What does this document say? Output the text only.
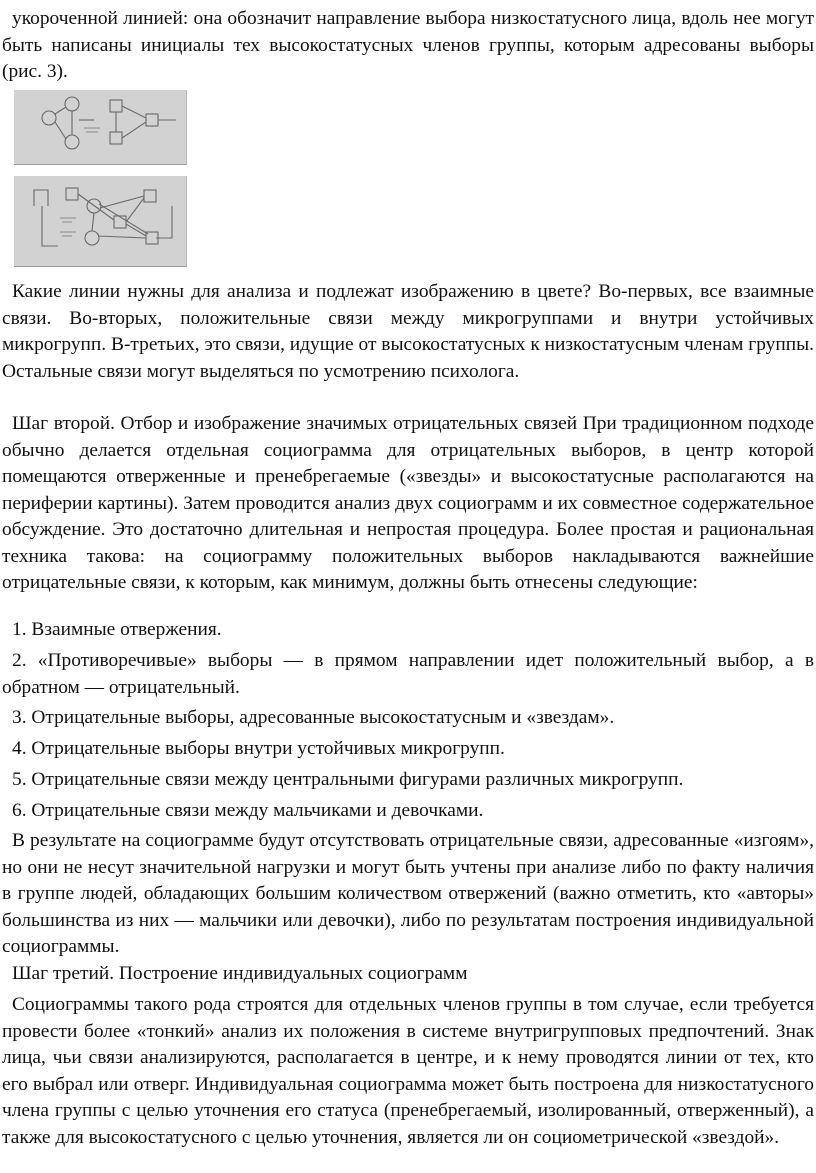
укороченной линией: она обозначит направление выбора низкостатусного лица, вдоль нее могут быть написаны инициалы тех высокостатусных членов группы, которым адресованы выборы (рис. 3).

Какие линии нужны для анализа и подлежат изображению в цвете? Во-первых, все взаимные связи. Во-вторых, положительные связи между микрогруппами и внутри устойчивых микрогрупп. В-третьих, это связи, идущие от высокостатусных к низкостатусным членам группы. Остальные связи могут выделяться по усмотрению психолога.

Шаг второй. Отбор и изображение значимых отрицательных связей При традиционном подходе обычно делается отдельная социограмма для отрицательных выборов, в центр которой помещаются отверженные и пренебрегаемые («звезды» и высокостатусные располагаются на периферии картины). Затем проводится анализ двух социограмм и их совместное содержательное обсуждение. Это достаточно длительная и непростая процедура. Более простая и рациональная техника такова: на социограмму положительных выборов накладываются важнейшие отрицательные связи, к которым, как минимум, должны быть отнесены следующие:

1. Взаимные отвержения.

2. «Противоречивые» выборы — в прямом направлении идет положительный выбор, а в обратном — отрицательный.

3. Отрицательные выборы, адресованные высокостатусным и «звездам».

4. Отрицательные выборы внутри устойчивых микрогрупп.

5. Отрицательные связи между центральными фигурами различных микрогрупп.

6. Отрицательные связи между мальчиками и девочками.

В результате на социограмме будут отсутствовать отрицательные связи, адресованные «изгоям», но они не несут значительной нагрузки и могут быть учтены при анализе либо по факту наличия в группе людей, обладающих большим количеством отвержений (важно отметить, кто «авторы» большинства из них — мальчики или девочки), либо по результатам построения индивидуальной социограммы.

Шаг третий. Построение индивидуальных социограмм

Социограммы такого рода строятся для отдельных членов группы в том случае, если требуется провести более «тонкий» анализ их положения в системе внутригрупповых предпочтений. Знак лица, чьи связи анализируются, располагается в центре, и к нему проводятся линии от тех, кто его выбрал или отверг. Индивидуальная социограмма может быть построена для низкостатусного члена группы с целью уточнения его статуса (пренебрегаемый, изолированный, отверженный), а также для высокостатусного с целью уточнения, является ли он социометрической «звездой».
